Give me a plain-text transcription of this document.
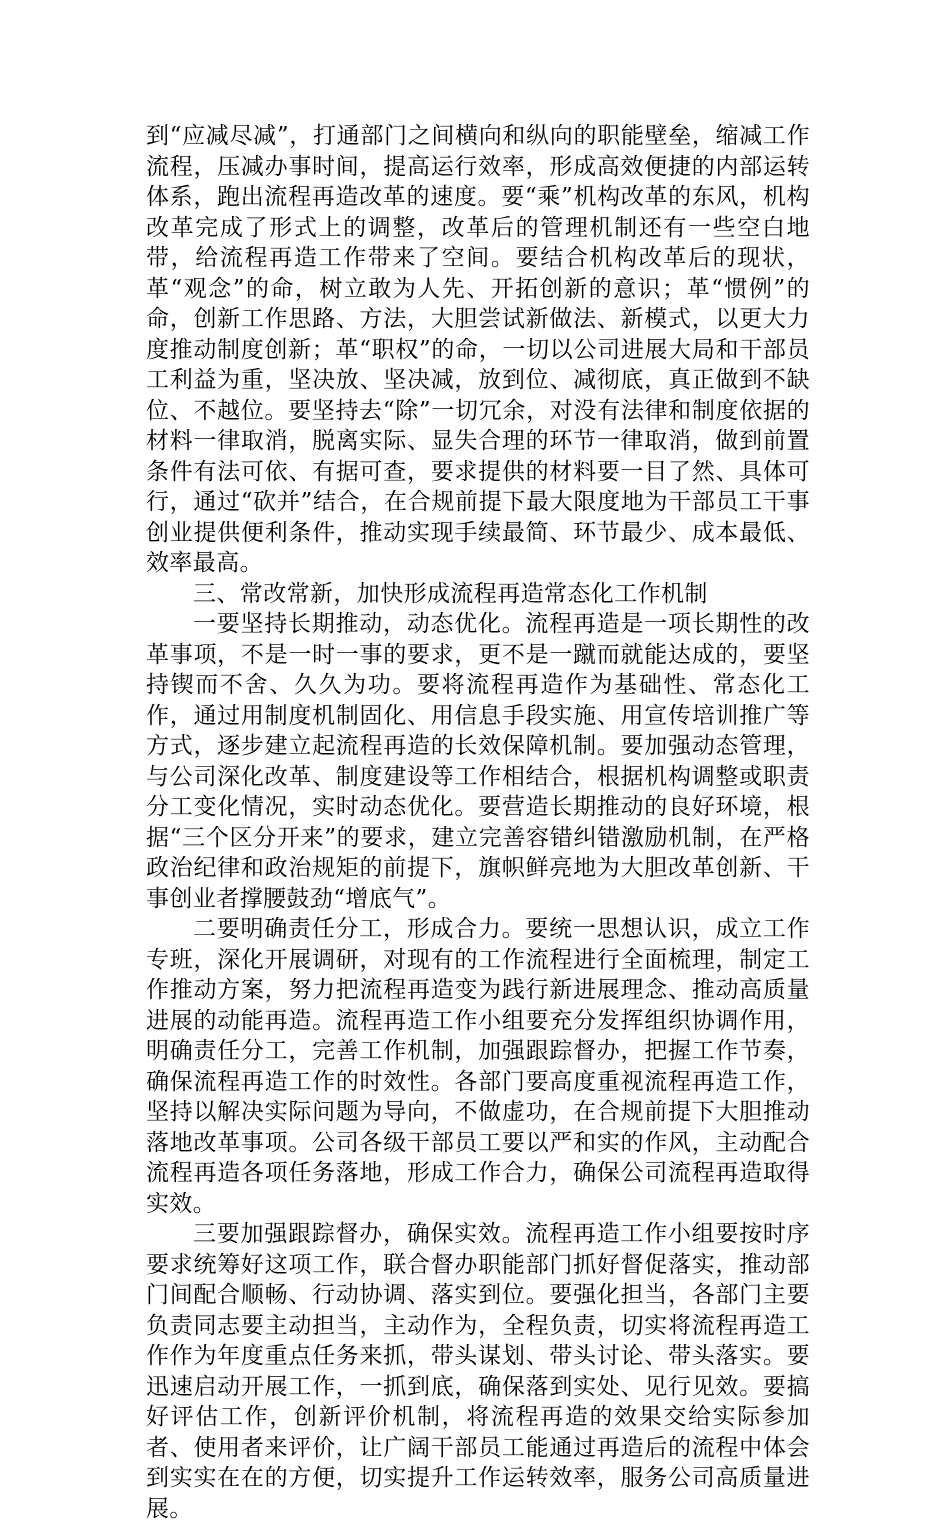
到“应减尽减”，打通部门之间横向和纵向的职能壁垒，缩减工作流程，压减办事时间，提高运行效率，形成高效便捷的内部运转体系，跑出流程再造改革的速度。要“乘”机构改革的东风，机构改革完成了形式上的调整，改革后的管理机制还有一些空白地带，给流程再造工作带来了空间。要结合机构改革后的现状，革“观念”的命，树立敢为人先、开拓创新的意识；革“惯例”的命，创新工作思路、方法，大胆尝试新做法、新模式，以更大力度推动制度创新；革“职权”的命，一切以公司进展大局和干部员工利益为重，坚决放、坚决减，放到位、减彻底，真正做到不缺位、不越位。要坚持去“除”一切冗余，对没有法律和制度依据的材料一律取消，脱离实际、显失合理的环节一律取消，做到前置条件有法可依、有据可查，要求提供的材料要一目了然、具体可行，通过“砍并”结合，在合规前提下最大限度地为干部员工干事创业提供便利条件，推动实现手续最简、环节最少、成本最低、效率最高。

三、常改常新，加快形成流程再造常态化工作机制

一要坚持长期推动，动态优化。流程再造是一项长期性的改革事项，不是一时一事的要求，更不是一蹴而就能达成的，要坚持锲而不舍、久久为功。要将流程再造作为基础性、常态化工作，通过用制度机制固化、用信息手段实施、用宣传培训推广等方式，逐步建立起流程再造的长效保障机制。要加强动态管理，与公司深化改革、制度建设等工作相结合，根据机构调整或职责分工变化情况，实时动态优化。要营造长期推动的良好环境，根据“三个区分开来”的要求，建立完善容错纠错激励机制，在严格政治纪律和政治规矩的前提下，旗帜鲜亮地为大胆改革创新、干事创业者撑腰鼓劲“增底气”。

二要明确责任分工，形成合力。要统一思想认识，成立工作专班，深化开展调研，对现有的工作流程进行全面梳理，制定工作推动方案，努力把流程再造变为践行新进展理念、推动高质量进展的动能再造。流程再造工作小组要充分发挥组织协调作用，明确责任分工，完善工作机制，加强跟踪督办，把握工作节奏，确保流程再造工作的时效性。各部门要高度重视流程再造工作，坚持以解决实际问题为导向，不做虚功，在合规前提下大胆推动落地改革事项。公司各级干部员工要以严和实的作风，主动配合流程再造各项任务落地，形成工作合力，确保公司流程再造取得实效。

三要加强跟踪督办，确保实效。流程再造工作小组要按时序要求统筹好这项工作，联合督办职能部门抓好督促落实，推动部门间配合顺畅、行动协调、落实到位。要强化担当，各部门主要负责同志要主动担当，主动作为，全程负责，切实将流程再造工作作为年度重点任务来抓，带头谋划、带头讨论、带头落实。要迅速启动开展工作，一抓到底，确保落到实处、见行见效。要搞好评估工作，创新评价机制，将流程再造的效果交给实际参加者、使用者来评价，让广阔干部员工能通过再造后的流程中体会到实实在在的方便，切实提升工作运转效率，服务公司高质量进展。
